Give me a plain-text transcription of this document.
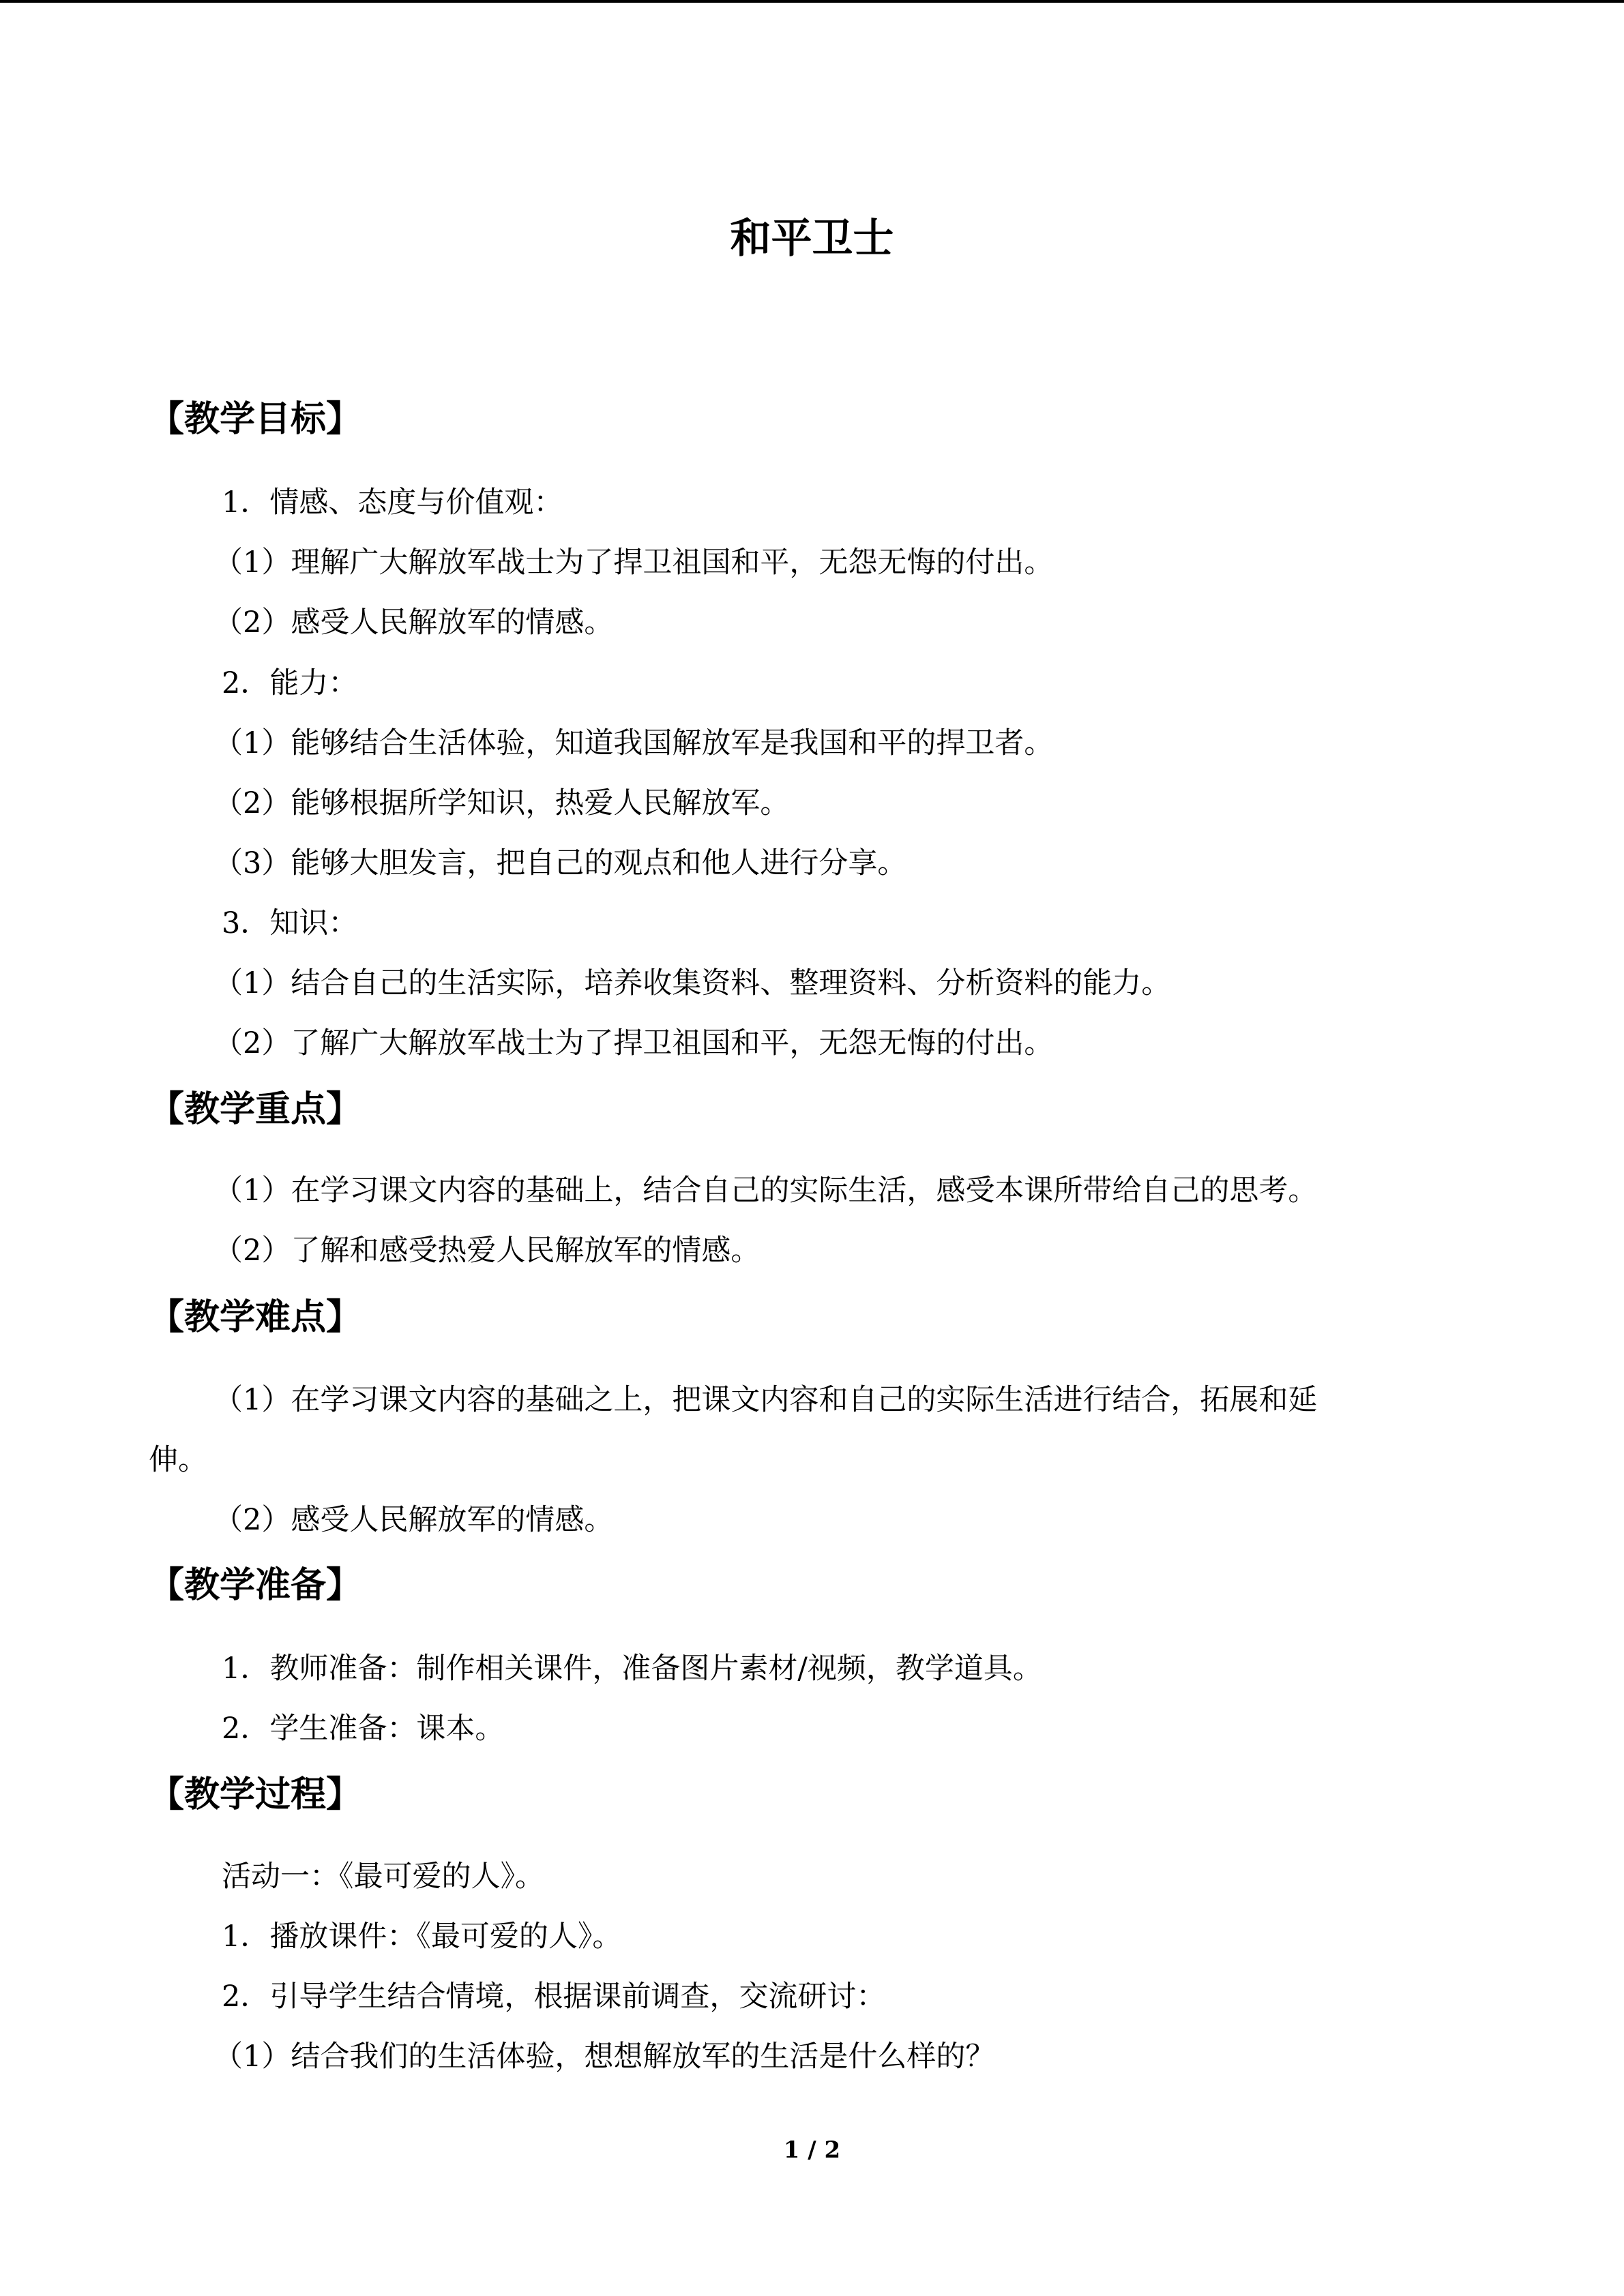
和平卫士
【教学目标】
1．情感、态度与价值观：
（1）理解广大解放军战士为了捍卫祖国和平，无怨无悔的付出。
（2）感受人民解放军的情感。
2．能力：
（1）能够结合生活体验，知道我国解放军是我国和平的捍卫者。
（2）能够根据所学知识，热爱人民解放军。
（3）能够大胆发言，把自己的观点和他人进行分享。
3．知识：
（1）结合自己的生活实际，培养收集资料、整理资料、分析资料的能力。
（2）了解广大解放军战士为了捍卫祖国和平，无怨无悔的付出。
【教学重点】
（1）在学习课文内容的基础上，结合自己的实际生活，感受本课所带给自己的思考。
（2）了解和感受热爱人民解放军的情感。
【教学难点】
（1）在学习课文内容的基础之上，把课文内容和自己的实际生活进行结合，拓展和延
伸。
（2）感受人民解放军的情感。
【教学准备】
1．教师准备：制作相关课件，准备图片素材/视频，教学道具。
2．学生准备：课本。
【教学过程】
活动一：《最可爱的人》。
1．播放课件：《最可爱的人》。
2．引导学生结合情境，根据课前调查，交流研讨：
（1）结合我们的生活体验，想想解放军的生活是什么样的？
1 / 2
